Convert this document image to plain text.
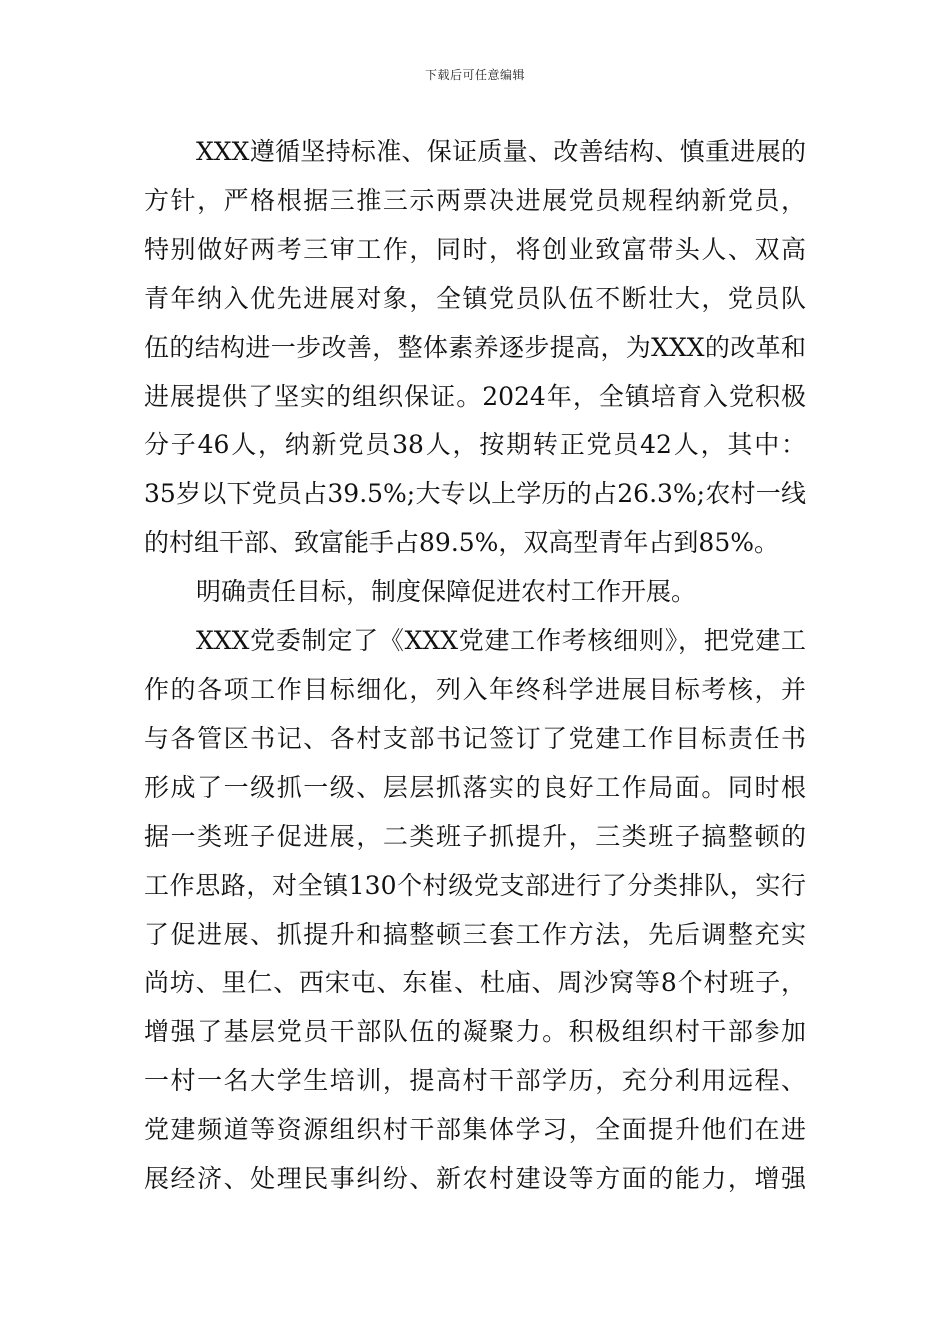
下载后可任意编辑

XXX遵循坚持标准、保证质量、改善结构、慎重进展的
方针，严格根据三推三示两票决进展党员规程纳新党员，
特别做好两考三审工作，同时，将创业致富带头人、双高
青年纳入优先进展对象，全镇党员队伍不断壮大，党员队
伍的结构进一步改善，整体素养逐步提高，为XXX的改革和
进展提供了坚实的组织保证。2024年，全镇培育入党积极
分子46人，纳新党员38人，按期转正党员42人，其中：
35岁以下党员占39.5%;大专以上学历的占26.3%;农村一线
的村组干部、致富能手占89.5%，双高型青年占到85%。

明确责任目标，制度保障促进农村工作开展。

XXX党委制定了《XXX党建工作考核细则》，把党建工
作的各项工作目标细化，列入年终科学进展目标考核，并
与各管区书记、各村支部书记签订了党建工作目标责任书
形成了一级抓一级、层层抓落实的良好工作局面。同时根
据一类班子促进展，二类班子抓提升，三类班子搞整顿的
工作思路，对全镇130个村级党支部进行了分类排队，实行
了促进展、抓提升和搞整顿三套工作方法，先后调整充实
尚坊、里仁、西宋屯、东崔、杜庙、周沙窝等8个村班子，
增强了基层党员干部队伍的凝聚力。积极组织村干部参加
一村一名大学生培训，提高村干部学历，充分利用远程、
党建频道等资源组织村干部集体学习，全面提升他们在进
展经济、处理民事纠纷、新农村建设等方面的能力，增强
